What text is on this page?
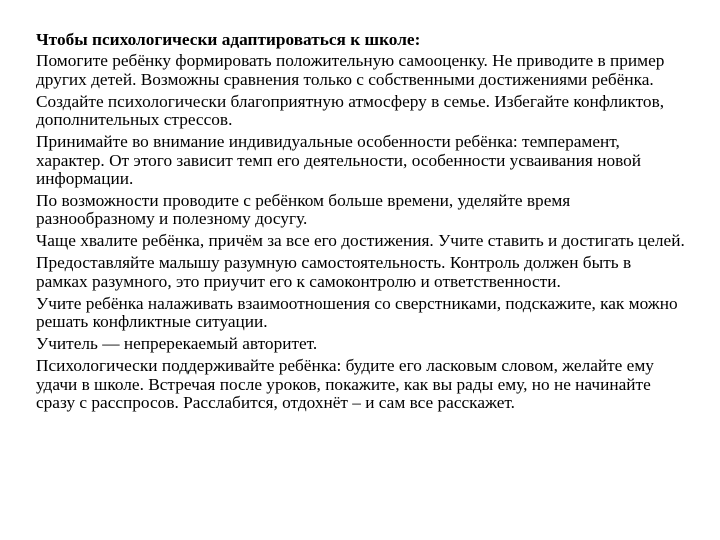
Чтобы психологически адаптироваться к школе:
Помогите ребёнку формировать положительную самооценку. Не приводите в пример других детей. Возможны сравнения только с собственными достижениями ребёнка.
Создайте психологически благоприятную атмосферу в семье. Избегайте конфликтов, дополнительных стрессов.
Принимайте во внимание индивидуальные особенности ребёнка: темперамент, характер. От этого зависит темп его деятельности, особенности усваивания новой информации.
По возможности проводите с ребёнком больше времени, уделяйте время разнообразному и полезному досугу.
Чаще хвалите ребёнка, причём за все его достижения. Учите ставить и достигать целей.
Предоставляйте малышу разумную самостоятельность. Контроль должен быть в рамках разумного, это приучит его к самоконтролю и ответственности.
Учите ребёнка налаживать взаимоотношения со сверстниками, подскажите, как можно решать конфликтные ситуации.
Учитель — непререкаемый авторитет.
Психологически поддерживайте ребёнка: будите его ласковым словом, желайте ему удачи в школе. Встречая после уроков, покажите, как вы рады ему, но не начинайте сразу с расспросов. Расслабится, отдохнёт – и сам все расскажет.
